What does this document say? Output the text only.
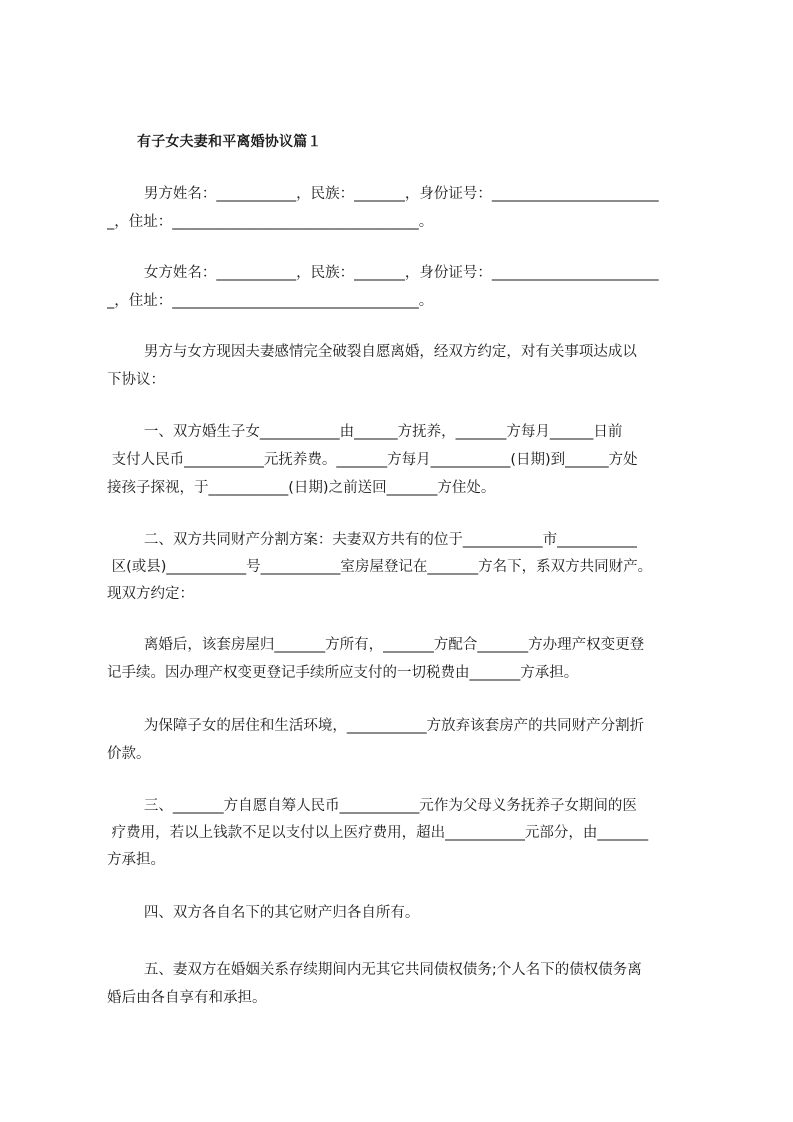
有子女夫妻和平离婚协议篇１
男方姓名：___________，民族：_______，身份证号：_______________________
_，住址：__________________________________。
女方姓名：___________，民族：_______，身份证号：_______________________
_，住址：__________________________________。
男方与女方现因夫妻感情完全破裂自愿离婚，经双方约定，对有关事项达成以
下协议：
一、双方婚生子女___________由______方抚养，_______方每月______日前
支付人民币___________元抚养费。_______方每月___________(日期)到______方处
接孩子探视，于___________(日期)之前送回_______方住处。
二、双方共同财产分割方案：夫妻双方共有的位于___________市___________
区(或县)___________号___________室房屋登记在_______方名下，系双方共同财产。
现双方约定：
离婚后，该套房屋归_______方所有，_______方配合_______方办理产权变更登
记手续。因办理产权变更登记手续所应支付的一切税费由_______方承担。
为保障子女的居住和生活环境，___________方放弃该套房产的共同财产分割折
价款。
三、_______方自愿自筹人民币___________元作为父母义务抚养子女期间的医
疗费用，若以上钱款不足以支付以上医疗费用，超出___________元部分，由_______
方承担。
四、双方各自名下的其它财产归各自所有。
五、妻双方在婚姻关系存续期间内无其它共同债权债务;个人名下的债权债务离
婚后由各自享有和承担。
